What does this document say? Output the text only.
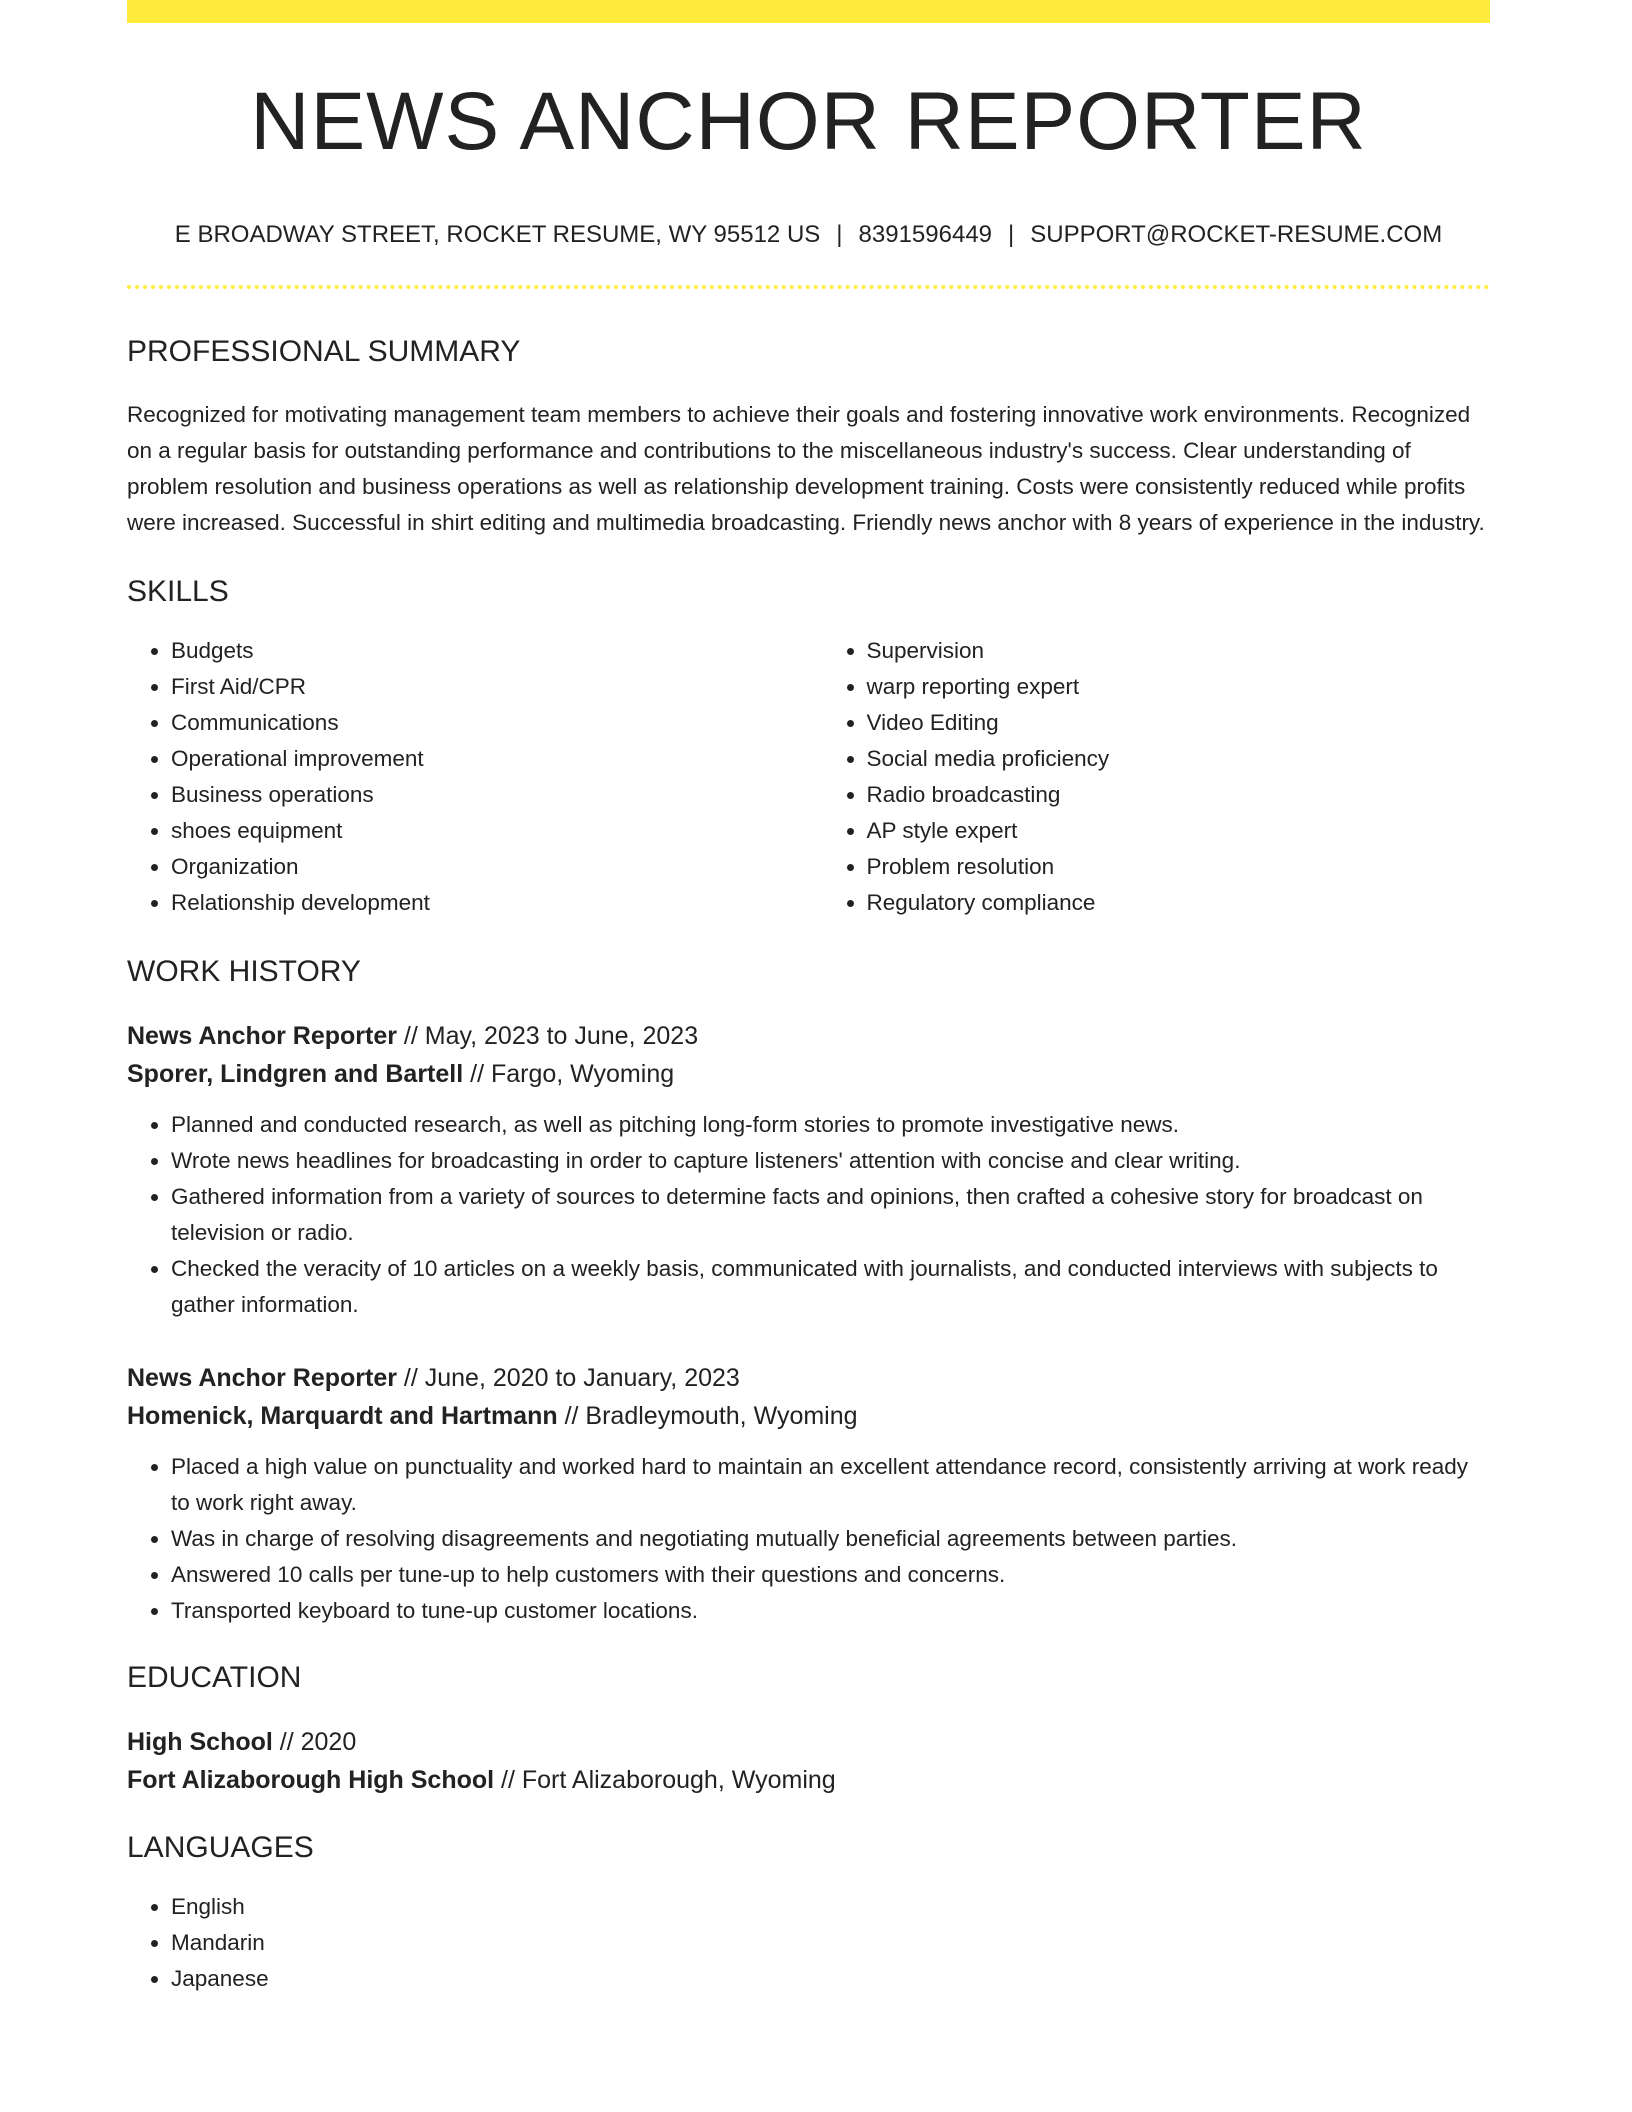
NEWS ANCHOR REPORTER
E BROADWAY STREET, ROCKET RESUME, WY 95512 US | 8391596449 | SUPPORT@ROCKET-RESUME.COM
PROFESSIONAL SUMMARY
Recognized for motivating management team members to achieve their goals and fostering innovative work environments. Recognized on a regular basis for outstanding performance and contributions to the miscellaneous industry's success. Clear understanding of problem resolution and business operations as well as relationship development training. Costs were consistently reduced while profits were increased. Successful in shirt editing and multimedia broadcasting. Friendly news anchor with 8 years of experience in the industry.
SKILLS
• Budgets
• First Aid/CPR
• Communications
• Operational improvement
• Business operations
• shoes equipment
• Organization
• Relationship development
• Supervision
• warp reporting expert
• Video Editing
• Social media proficiency
• Radio broadcasting
• AP style expert
• Problem resolution
• Regulatory compliance
WORK HISTORY
News Anchor Reporter // May, 2023 to June, 2023
Sporer, Lindgren and Bartell // Fargo, Wyoming
• Planned and conducted research, as well as pitching long-form stories to promote investigative news.
• Wrote news headlines for broadcasting in order to capture listeners' attention with concise and clear writing.
• Gathered information from a variety of sources to determine facts and opinions, then crafted a cohesive story for broadcast on television or radio.
• Checked the veracity of 10 articles on a weekly basis, communicated with journalists, and conducted interviews with subjects to gather information.
News Anchor Reporter // June, 2020 to January, 2023
Homenick, Marquardt and Hartmann // Bradleymouth, Wyoming
• Placed a high value on punctuality and worked hard to maintain an excellent attendance record, consistently arriving at work ready to work right away.
• Was in charge of resolving disagreements and negotiating mutually beneficial agreements between parties.
• Answered 10 calls per tune-up to help customers with their questions and concerns.
• Transported keyboard to tune-up customer locations.
EDUCATION
High School // 2020
Fort Alizaborough High School // Fort Alizaborough, Wyoming
LANGUAGES
• English
• Mandarin
• Japanese
